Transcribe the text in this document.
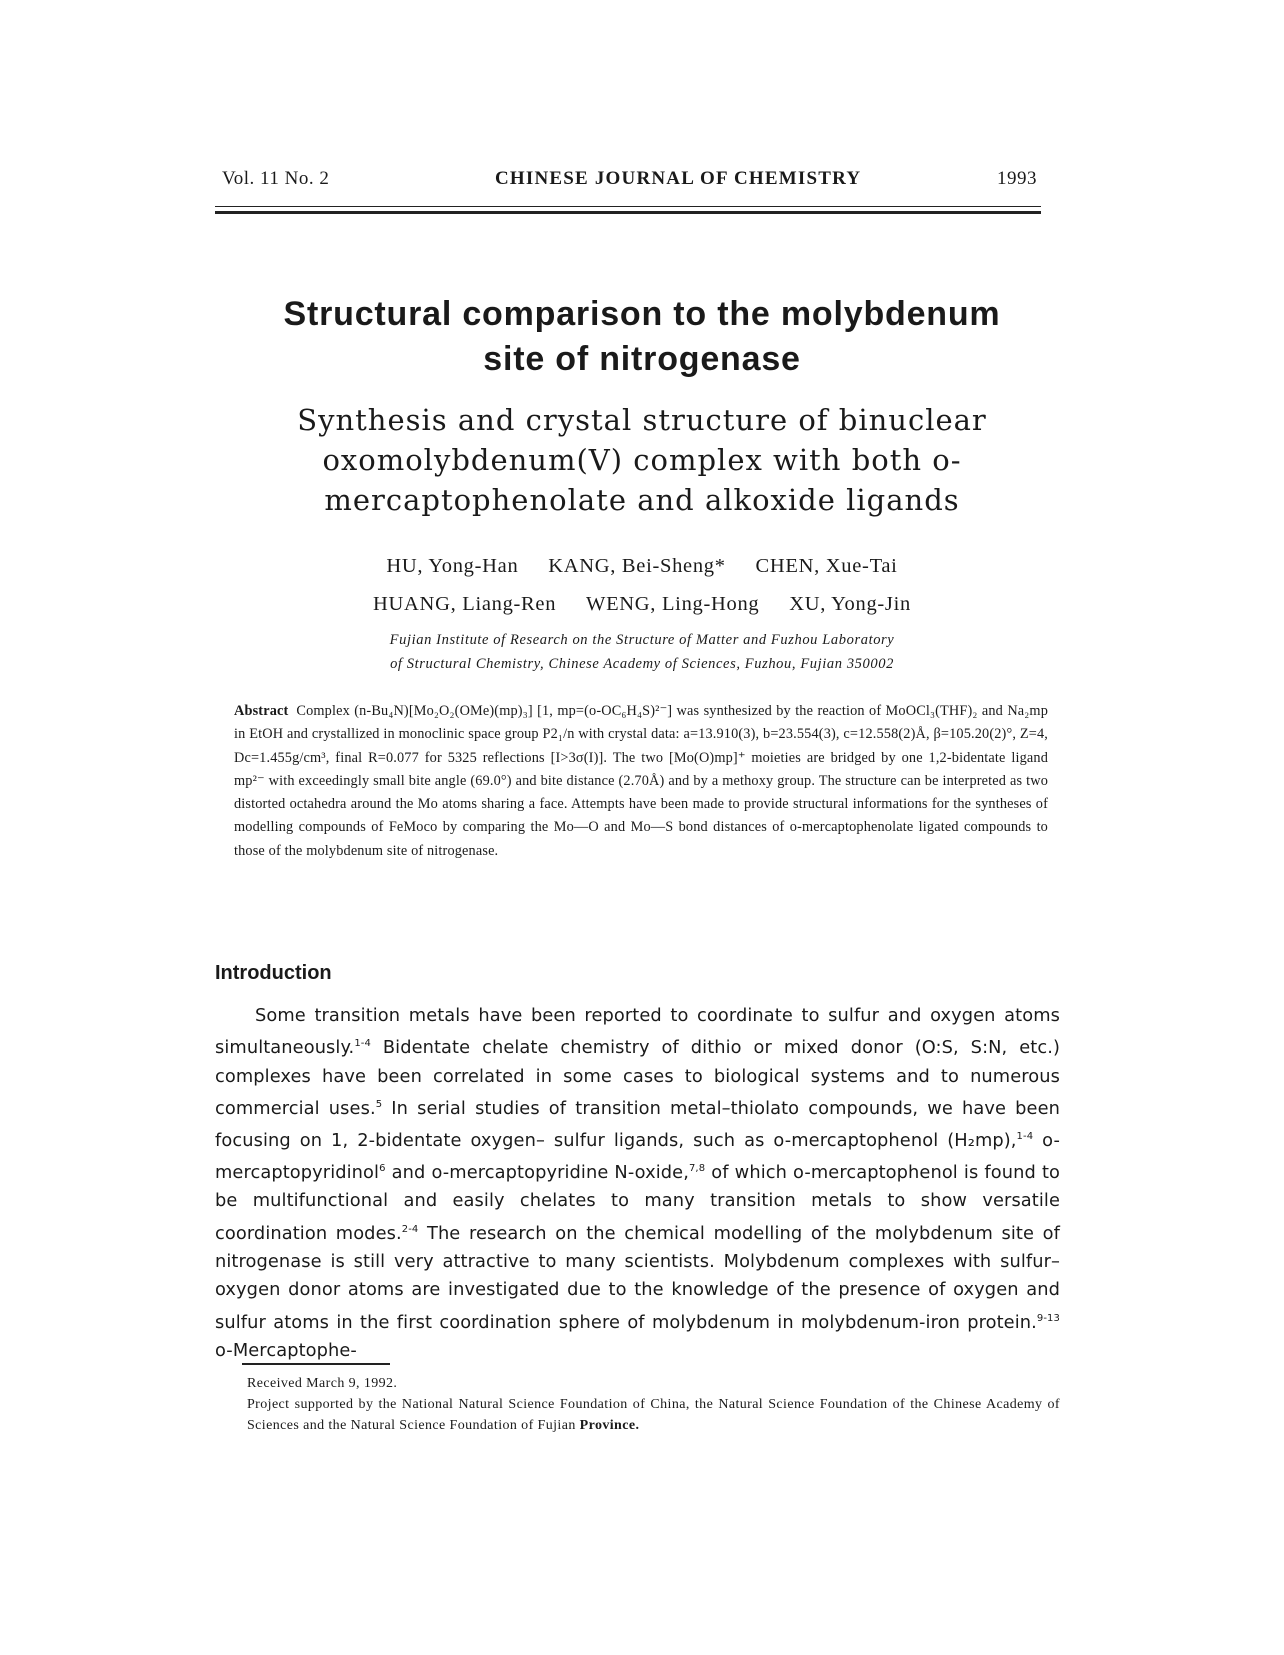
Vol. 11 No. 2	CHINESE JOURNAL OF CHEMISTRY	1993
Structural comparison to the molybdenum
site of nitrogenase
Synthesis and crystal structure of binuclear
oxomolybdenum(V) complex with both o-
mercaptophenolate and alkoxide ligands
HU, Yong-Han KANG, Bei-Sheng* CHEN, Xue-Tai
HUANG, Liang-Ren WENG, Ling-Hong XU, Yong-Jin
Fujian Institute of Research on the Structure of Matter and Fuzhou Laboratory
of Structural Chemistry, Chinese Academy of Sciences, Fuzhou, Fujian 350002
Abstract Complex (n-Bu₄N)[Mo₂O₂(OMe)(mp)₃] [1, mp=(o-OC₆H₄S)²⁻] was synthesized by the reaction of MoOCl₃(THF)₂ and Na₂mp in EtOH and crystallized in monoclinic space group P2₁/n with crystal data: a=13.910(3), b=23.554(3), c=12.558(2)Å, β=105.20(2)°, Z=4, Dc=1.455g/cm³, final R=0.077 for 5325 reflections [I>3σ(I)]. The two [Mo(O)mp]⁺ moieties are bridged by one 1,2-bidentate ligand mp²⁻ with exceedingly small bite angle (69.0°) and bite distance (2.70Å) and by a methoxy group. The structure can be interpreted as two distorted octahedra around the Mo atoms sharing a face. Attempts have been made to provide structural informations for the syntheses of modelling compounds of FeMoco by comparing the Mo—O and Mo—S bond distances of o-mercaptophenolate ligated compounds to those of the molybdenum site of nitrogenase.
Introduction
Some transition metals have been reported to coordinate to sulfur and oxygen atoms simultaneously.$^{1-4}$ Bidentate chelate chemistry of dithio or mixed donor (O:S, S:N, etc.) complexes have been correlated in some cases to biological systems and to numerous commercial uses.$^5$ In serial studies of transition metal–thiolato compounds, we have been focusing on 1, 2-bidentate oxygen– sulfur ligands, such as o-mercaptophenol (H₂mp),$^{1-4}$ o-mercaptopyridinol$^6$ and o-mercaptopyridine N-oxide,$^{7,8}$ of which o-mercaptophenol is found to be multifunctional and easily chelates to many transition metals to show versatile coordination modes.$^{2-4}$ The research on the chemical modelling of the molybdenum site of nitrogenase is still very attractive to many scientists. Molybdenum complexes with sulfur–oxygen donor atoms are investigated due to the knowledge of the presence of oxygen and sulfur atoms in the first coordination sphere of molybdenum in molybdenum-iron protein.$^{9-13}$ o-Mercaptophe-
Received March 9, 1992.
Project supported by the National Natural Science Foundation of China, the Natural Science Foundation of the Chinese Academy of Sciences and the Natural Science Foundation of Fujian Province.
